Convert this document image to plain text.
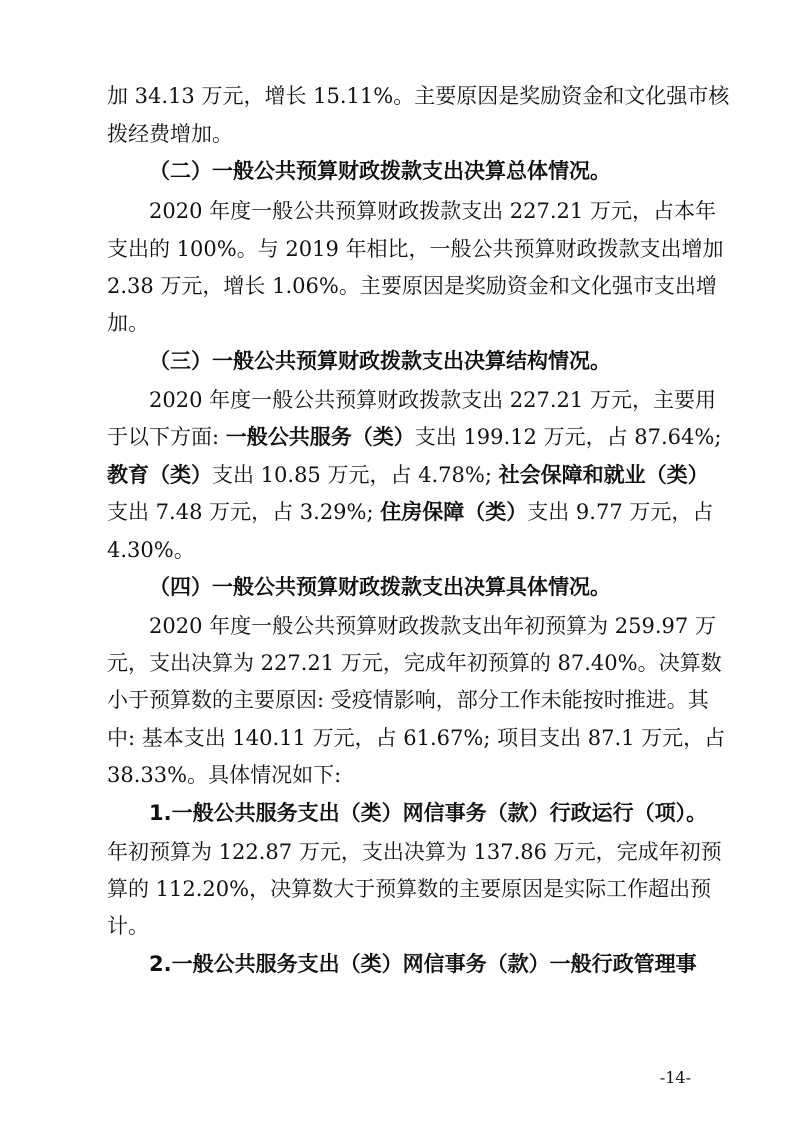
加 34.13 万元，增长 15.11%。主要原因是奖励资金和文化强市核
拨经费增加。
（二）一般公共预算财政拨款支出决算总体情况。
2020 年度一般公共预算财政拨款支出 227.21 万元，占本年
支出的 100%。与 2019 年相比，一般公共预算财政拨款支出增加
2.38 万元，增长 1.06%。主要原因是奖励资金和文化强市支出增
加。
（三）一般公共预算财政拨款支出决算结构情况。
2020 年度一般公共预算财政拨款支出 227.21 万元，主要用
于以下方面: 一般公共服务（类）支出 199.12 万元，占 87.64%;
教育（类）支出 10.85 万元，占 4.78%; 社会保障和就业（类）
支出 7.48 万元，占 3.29%; 住房保障（类）支出 9.77 万元，占
4.30%。
（四）一般公共预算财政拨款支出决算具体情况。
2020 年度一般公共预算财政拨款支出年初预算为 259.97 万
元，支出决算为 227.21 万元，完成年初预算的 87.40%。决算数
小于预算数的主要原因: 受疫情影响，部分工作未能按时推进。其
中: 基本支出 140.11 万元，占 61.67%; 项目支出 87.1 万元，占
38.33%。具体情况如下:
1.一般公共服务支出（类）网信事务（款）行政运行（项）。
年初预算为 122.87 万元，支出决算为 137.86 万元，完成年初预
算的 112.20%，决算数大于预算数的主要原因是实际工作超出预
计。
2.一般公共服务支出（类）网信事务（款）一般行政管理事
-14-
